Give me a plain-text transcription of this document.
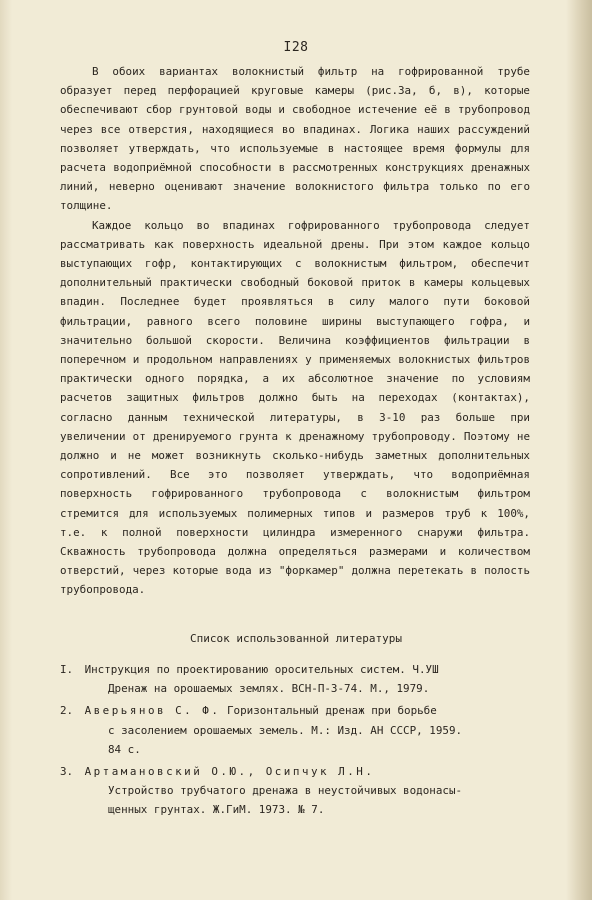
I28

В обоих вариантах волокнистый фильтр на гофрированной трубе образует перед перфорацией круговые камеры (рис.3а, б, в), которые обеспечивают сбор грунтовой воды и свободное истечение её в трубопровод через все отверстия, находящиеся во впадинах. Логика наших рассуждений позволяет утверждать, что используемые в настоящее время формулы для расчета водоприёмной способности в рассмотренных конструкциях дренажных линий, неверно оценивают значение волокнистого фильтра только по его толщине.

Каждое кольцо во впадинах гофрированного трубопровода следует рассматривать как поверхность идеальной дрены. При этом каждое кольцо выступающих гофр, контактирующих с волокнистым фильтром, обеспечит дополнительный практически свободный боковой приток в камеры кольцевых впадин. Последнее будет проявляться в силу малого пути боковой фильтрации, равного всего половине ширины выступающего гофра, и значительно большой скорости. Величина коэффициентов фильтрации в поперечном и продольном направлениях у применяемых волокнистых фильтров практически одного порядка, а их абсолютное значение по условиям расчетов защитных фильтров должно быть на переходах (контактах), согласно данным технической литературы, в 3-10 раз больше при увеличении от дренируемого грунта к дренажному трубопроводу. Поэтому не должно и не может возникнуть сколько-нибудь заметных дополнительных сопротивлений. Все это позволяет утверждать, что водоприёмная поверхность гофрированного трубопровода с волокнистым фильтром стремится для используемых полимерных типов и размеров труб к 100%, т.е. к полной поверхности цилиндра измеренного снаружи фильтра. Скважность трубопровода должна определяться размерами и количеством отверстий, через которые вода из "форкамер" должна перетекать в полость трубопровода.

Список использованной литературы
I. Инструкция по проектированию оросительных систем. Ч.УШ
Дренаж на орошаемых землях. ВСН-П-3-74. М., 1979.
2. Аверьянов С. Ф. Горизонтальный дренаж при борьбе
с засолением орошаемых земель. М.: Изд. АН СССР, 1959.
84 с.
3. Артамановский О.Ю., Осипчук Л.Н.
Устройство трубчатого дренажа в неустойчивых водонасы-
щенных грунтах. Ж.ГиМ. 1973. № 7.
